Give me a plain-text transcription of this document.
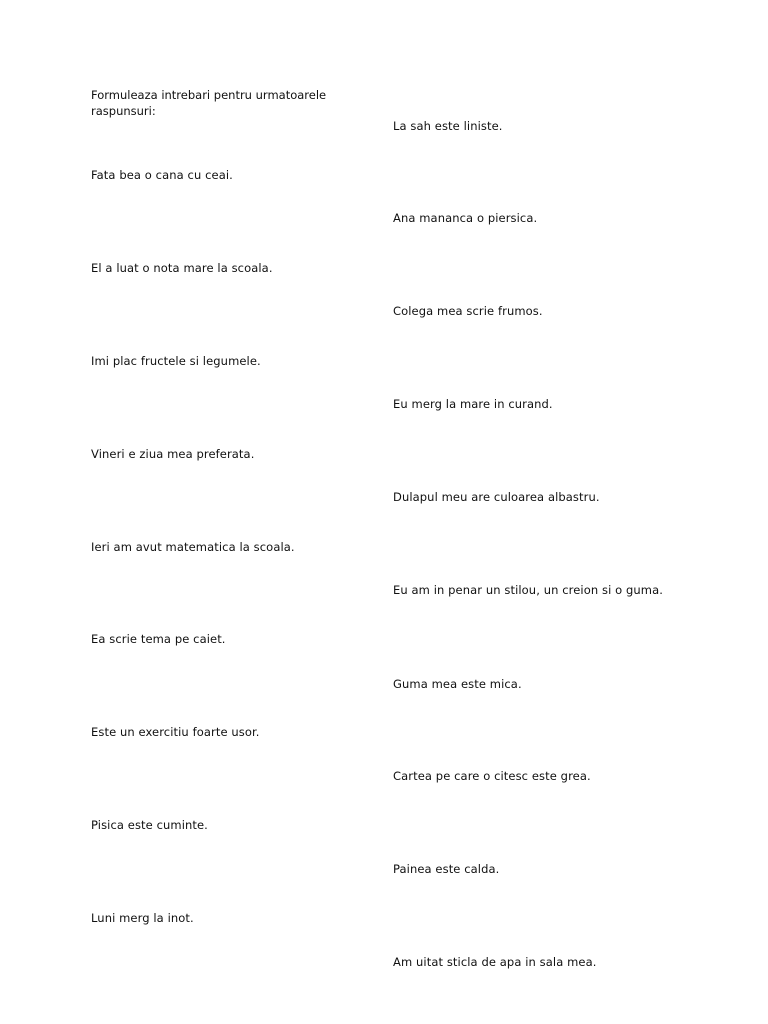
Formuleaza intrebari pentru urmatoarele raspunsuri:
Fata bea o cana cu ceai.
El a luat o nota mare la scoala.
Imi plac fructele si legumele.
Vineri e ziua mea preferata.
Ieri am avut matematica la scoala.
Ea scrie tema pe caiet.
Este un exercitiu foarte usor.
Pisica este cuminte.
Luni merg la inot.
La sah este liniste.
Ana mananca o piersica.
Colega mea scrie frumos.
Eu merg la mare in curand.
Dulapul meu are culoarea albastru.
Eu am in penar un stilou, un creion si o guma.
Guma mea este mica.
Cartea pe care o citesc este grea.
Painea este calda.
Am uitat sticla de apa in sala mea.
